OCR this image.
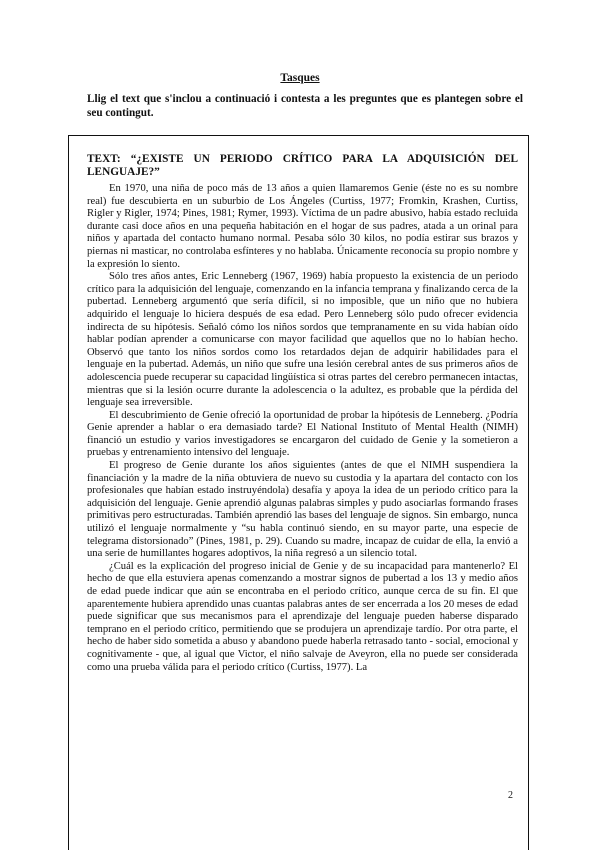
Tasques
Llig el text que s'inclou a continuació i contesta a les preguntes que es plantegen sobre el seu contingut.

TEXT: “¿EXISTE UN PERIODO CRÍTICO PARA LA ADQUISICIÓN DEL LENGUAJE?”

En 1970, una niña de poco más de 13 años a quien llamaremos Genie (éste no es su nombre real) fue descubierta en un suburbio de Los Ángeles (Curtiss, 1977; Fromkin, Krashen, Curtiss, Rigler y Rigler, 1974; Pines, 1981; Rymer, 1993). Víctima de un padre abusivo, había estado recluida durante casi doce años en una pequeña habitación en el hogar de sus padres, atada a un orinal para niños y apartada del contacto humano normal. Pesaba sólo 30 kilos, no podía estirar sus brazos y piernas ni masticar, no controlaba esfínteres y no hablaba. Únicamente reconocía su propio nombre y la expresión lo siento.

Sólo tres años antes, Eric Lenneberg (1967, 1969) había propuesto la existencia de un periodo crítico para la adquisición del lenguaje, comenzando en la infancia temprana y finalizando cerca de la pubertad. Lenneberg argumentó que sería difícil, si no imposible, que un niño que no hubiera adquirido el lenguaje lo hiciera después de esa edad. Pero Lenneberg sólo pudo ofrecer evidencia indirecta de su hipótesis. Señaló cómo los niños sordos que tempranamente en su vida habían oído hablar podían aprender a comunicarse con mayor facilidad que aquellos que no lo habían hecho. Observó que tanto los niños sordos como los retardados dejan de adquirir habilidades para el lenguaje en la pubertad. Además, un niño que sufre una lesión cerebral antes de sus primeros años de adolescencia puede recuperar su capacidad lingüística si otras partes del cerebro permanecen intactas, mientras que si la lesión ocurre durante la adolescencia o la adultez, es probable que la pérdida del lenguaje sea irreversible.

El descubrimiento de Genie ofreció la oportunidad de probar la hipótesis de Lenneberg. ¿Podría Genie aprender a hablar o era demasiado tarde? El National Instituto of Mental Health (NIMH) financió un estudio y varios investigadores se encargaron del cuidado de Genie y la sometieron a pruebas y entrenamiento intensivo del lenguaje.

El progreso de Genie durante los años siguientes (antes de que el NIMH suspendiera la financiación y la madre de la niña obtuviera de nuevo su custodia y la apartara del contacto con los profesionales que habían estado instruyéndola) desafía y apoya la idea de un periodo crítico para la adquisición del lenguaje. Genie aprendió algunas palabras simples y pudo asociarlas formando frases primitivas pero estructuradas. También aprendió las bases del lenguaje de signos. Sin embargo, nunca utilizó el lenguaje normalmente y “su habla continuó siendo, en su mayor parte, una especie de telegrama distorsionado” (Pines, 1981, p. 29). Cuando su madre, incapaz de cuidar de ella, la envió a una serie de humillantes hogares adoptivos, la niña regresó a un silencio total.

¿Cuál es la explicación del progreso inicial de Genie y de su incapacidad para mantenerlo? El hecho de que ella estuviera apenas comenzando a mostrar signos de pubertad a los 13 y medio años de edad puede indicar que aún se encontraba en el periodo crítico, aunque cerca de su fin. El que aparentemente hubiera aprendido unas cuantas palabras antes de ser encerrada a los 20 meses de edad puede significar que sus mecanismos para el aprendizaje del lenguaje pueden haberse disparado temprano en el periodo crítico, permitiendo que se produjera un aprendizaje tardío. Por otra parte, el hecho de haber sido sometida a abuso y abandono puede haberla retrasado tanto - social, emocional y cognitivamente - que, al igual que Victor, el niño salvaje de Aveyron, ella no puede ser considerada como una prueba válida para el periodo crítico (Curtiss, 1977). La

2
